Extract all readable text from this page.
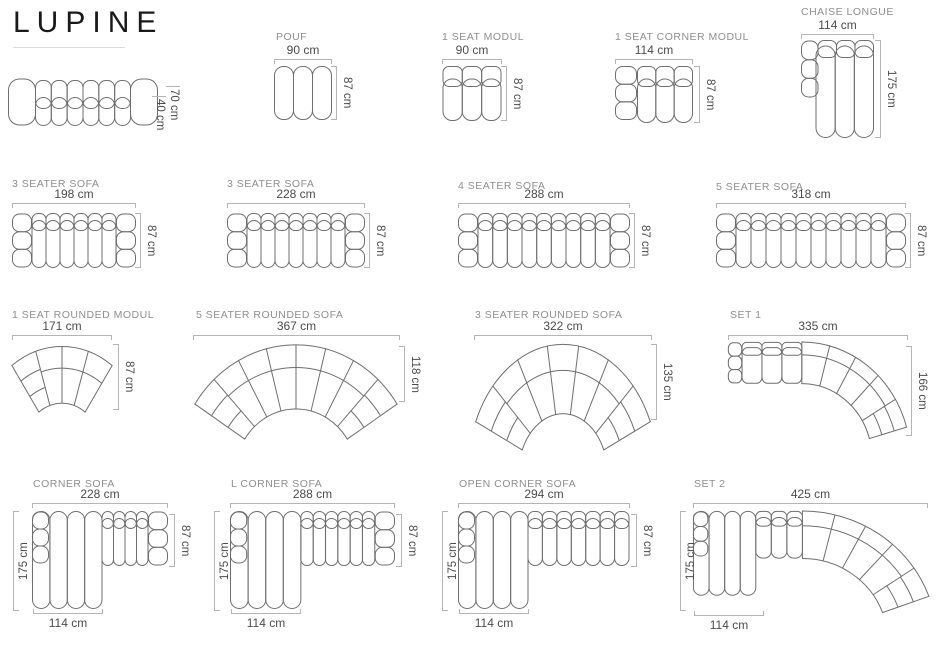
LUPINE
70 cm
40 cm
POUF
90 cm
87 cm
1 SEAT MODUL
90 cm
87 cm
1 SEAT CORNER MODUL
114 cm
87 cm
CHAISE LONGUE
114 cm
175 cm
3 SEATER SOFA
198 cm
87 cm
3 SEATER SOFA
228 cm
87 cm
4 SEATER SOFA
288 cm
87 cm
5 SEATER SOFA
318 cm
87 cm
1 SEAT ROUNDED MODUL
171 cm
87 cm
5 SEATER ROUNDED SOFA
367 cm
118 cm
3 SEATER ROUNDED SOFA
322 cm
135 cm
SET 1
335 cm
166 cm
CORNER SOFA
228 cm
87 cm
175 cm
114 cm
L CORNER SOFA
288 cm
87 cm
175 cm
114 cm
OPEN CORNER SOFA
294 cm
87 cm
175 cm
114 cm
SET 2
425 cm
175 cm
114 cm
